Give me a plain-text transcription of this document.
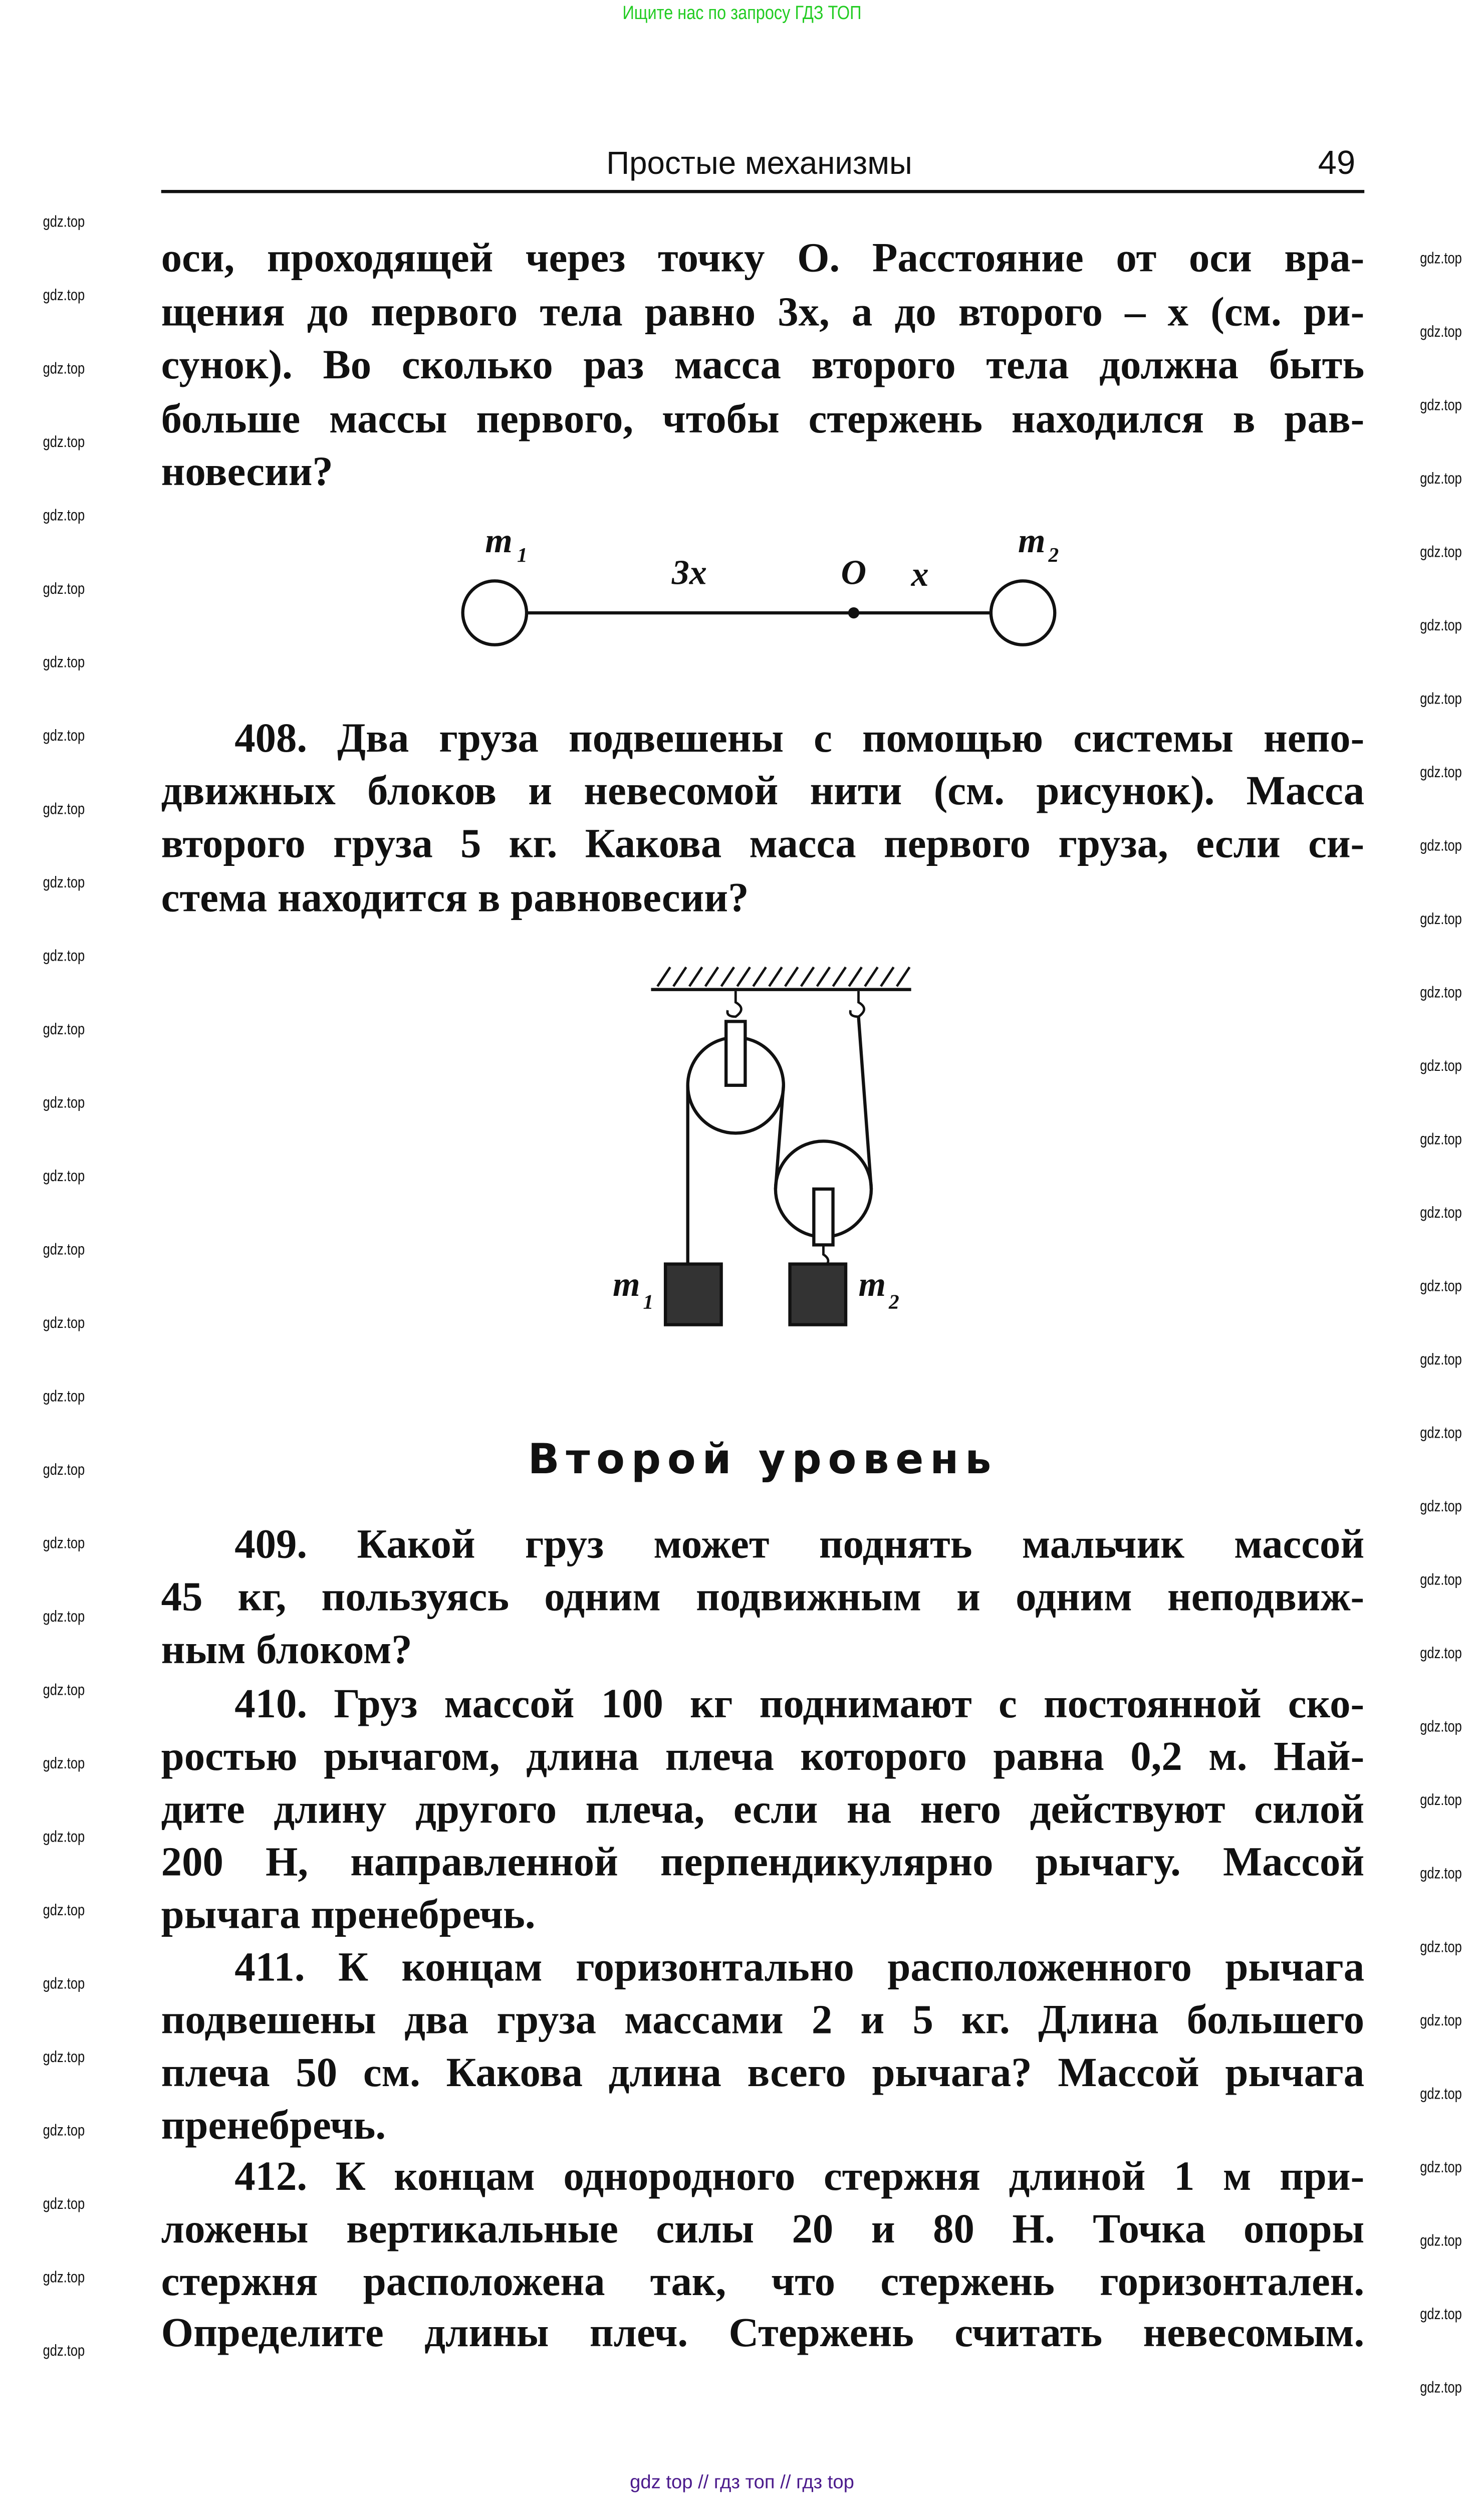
Ищите нас по запросу ГДЗ ТОП
Простые механизмы	49
оси, проходящей через точку O. Расстояние от оси вра-
щения до первого тела равно 3x, а до второго – x (см. ри-
сунок). Во сколько раз масса второго тела должна быть
больше массы первого, чтобы стержень находился в рав-
новесии?
m 1	3x	O	x
m 2
m 1	m 2
408. Два груза подвешены с помощью системы непо-
движных блоков и невесомой нити (см. рисунок). Масса
второго груза 5 кг. Какова масса первого груза, если си-
стема находится в равновесии?
Второй уровень
409. Какой груз может поднять мальчик массой
45 кг, пользуясь одним подвижным и одним неподвиж-
ным блоком?
410. Груз массой 100 кг поднимают с постоянной ско-
ростью рычагом, длина плеча которого равна 0,2 м. Най-
дите длину другого плеча, если на него действуют силой
200 Н, направленной перпендикулярно рычагу. Массой
рычага пренебречь.
411. К концам горизонтально расположенного рычага
подвешены два груза массами 2 и 5 кг. Длина большего
плеча 50 см. Какова длина всего рычага? Массой рычага
пренебречь.
412. К концам однородного стержня длиной 1 м при-
ложены вертикальные силы 20 и 80 Н. Точка опоры
стержня расположена так, что стержень горизонтален.
Определите длины плеч. Стержень считать невесомым.
gdz.top
gdz.top
gdz.top
gdz.top
gdz.top
gdz.top
gdz.top
gdz.top
gdz.top
gdz.top
gdz.top
gdz.top
gdz.top
gdz.top
gdz.top
gdz.top
gdz.top
gdz.top
gdz.top
gdz.top
gdz.top
gdz.top
gdz.top
gdz.top
gdz.top
gdz.top
gdz.top
gdz.top
gdz.top
gdz.top
gdz.top
gdz.top
gdz.top
gdz.top
gdz.top
gdz.top
gdz.top
gdz.top
gdz.top
gdz.top
gdz.top
gdz.top
gdz.top
gdz.top
gdz.top
gdz.top
gdz.top
gdz.top
gdz.top
gdz.top
gdz.top
gdz.top
gdz.top
gdz.top
gdz.top
gdz.top
gdz.top
gdz.top
gdz.top
gdz.top
gdz top // гдз топ // гдз top
